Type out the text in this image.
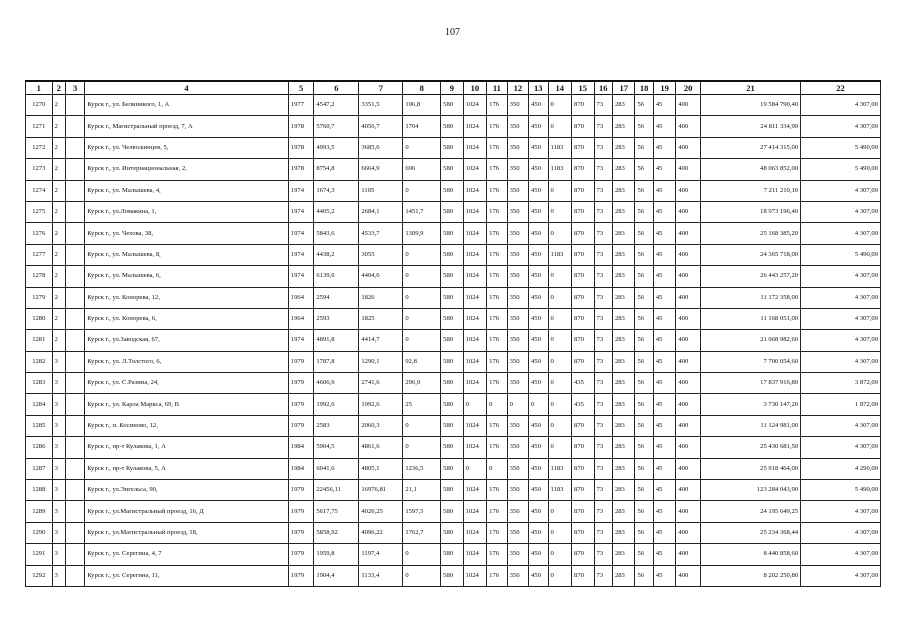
107
1	2	3	4	5	6	7	8	9	10	11	12	13	14	15	16	17	18	19	20	21	22
1270	2		Курск г., ул. Белиникого, 1, А	1977	4547,2	3351,5	196,8	580	1024	176	350	450	0	870	73	283	56	45	400	19 584 790,40	4 307,00
1271	2		Курск г., Магистральный проезд, 7, А	1978	5760,7	4056,7	1704	580	1024	176	350	450	0	870	73	283	56	45	400	24 811 334,90	4 307,00
1272	2		Курск г., ул. Челюскинцев, 5,	1978	4993,5	3685,6	0	580	1024	176	350	450	1183	870	73	283	56	45	400	27 414 315,00	5 490,00
1273	2		Курск г., ул. Интернациональная, 2,	1978	8754,8	6664,9	696	580	1024	176	350	450	1183	870	73	283	56	45	400	48 063 852,00	5 490,00
1274	2		Курск г., ул. Малышева, 4,	1974	1674,3	1105	0	580	1024	176	350	450	0	870	73	283	56	45	400	7 211 210,10	4 307,00
1275	2		Курск г., ул.Ломакина, 1,	1974	4405,2	2684,1	1451,7	580	1024	176	350	450	0	870	73	283	56	45	400	18 973 196,40	4 307,00
1276	2		Курск г., ул. Чехова, 38,	1974	5843,6	4533,7	1309,9	580	1024	176	350	450	0	870	73	283	56	45	400	25 168 385,20	4 307,00
1277	2		Курск г., ул. Малышева, 8,	1974	4438,2	3055	0	580	1024	176	350	450	1183	870	73	283	56	45	400	24 365 718,00	5 490,00
1278	2		Курск г., ул. Малышева, 6,	1974	6139,6	4404,6	0	580	1024	176	350	450	0	870	73	283	56	45	400	26 443 257,20	4 307,00
1279	2		Курск г., ул. Конорева, 12,	1964	2594	1826	0	580	1024	176	350	450	0	870	73	283	56	45	400	11 172 358,00	4 307,00
1280	2		Курск г., ул. Конорева, 6,	1964	2593	1825	0	580	1024	176	350	450	0	870	73	283	56	45	400	11 168 051,00	4 307,00
1281	2		Курск г., ул.Заводская, 67,	1974	4891,8	4414,7	0	580	1024	176	350	450	0	870	73	283	56	45	400	21 068 982,60	4 307,00
1282	3		Курск г., ул. Л.Толстого, 6,	1979	1787,8	1290,1	92,8	580	1024	176	350	450	0	870	73	283	56	45	400	7 700 054,60	4 307,00
1283	3		Курск г., ул. С.Разина, 24,	1979	4606,9	2741,6	296,9	580	1024	176	350	450	0	435	73	283	56	45	400	17 837 916,80	3 872,00
1284	3		Курск г., ул. Карла Маркса, 69, В	1979	1992,6	1992,6	25	580	0	0	0	0	0	435	73	283	56	45	400	3 730 147,20	1 872,00
1285	3		Курск г., п. Косиново, 12,	1979	2583	2060,3	0	580	1024	176	350	450	0	870	73	283	56	45	400	11 124 981,00	4 307,00
1286	3		Курск г., пр-т Кулакова, 1, А	1984	5904,5	4861,6	0	580	1024	176	350	450	0	870	73	283	56	45	400	25 430 681,50	4 307,00
1287	3		Курск г., пр-т Кулакова, 5, А	1984	6041,6	4805,1	1236,5	580	0	0	350	450	1183	870	73	283	56	45	400	25 918 464,00	4 290,00
1288	3		Курск г., ул.Энгельса, 90,	1979	22456,11	16976,81	21,1	580	1024	176	350	450	1183	870	73	283	56	45	400	123 284 043,90	5 490,00
1289	3		Курск г., ул.Магистральный проезд, 16, Д	1979	5617,75	4020,25	1597,5	580	1024	176	350	450	0	870	73	283	56	45	400	24 195 649,25	4 307,00
1290	3		Курск г., ул.Магистральный проезд, 18,	1979	5858,92	4096,22	1762,7	580	1024	176	350	450	0	870	73	283	56	45	400	25 234 368,44	4 307,00
1291	3		Курск г., ул. Серегина, 4, 7	1979	1959,8	1197,4	0	580	1024	176	350	450	0	870	73	283	56	45	400	8 440 858,60	4 307,00
1292	3		Курск г., ул. Серегина, 11,	1979	1904,4	1133,4	0	580	1024	176	350	450	0	870	73	283	56	45	400	8 202 250,80	4 307,00
